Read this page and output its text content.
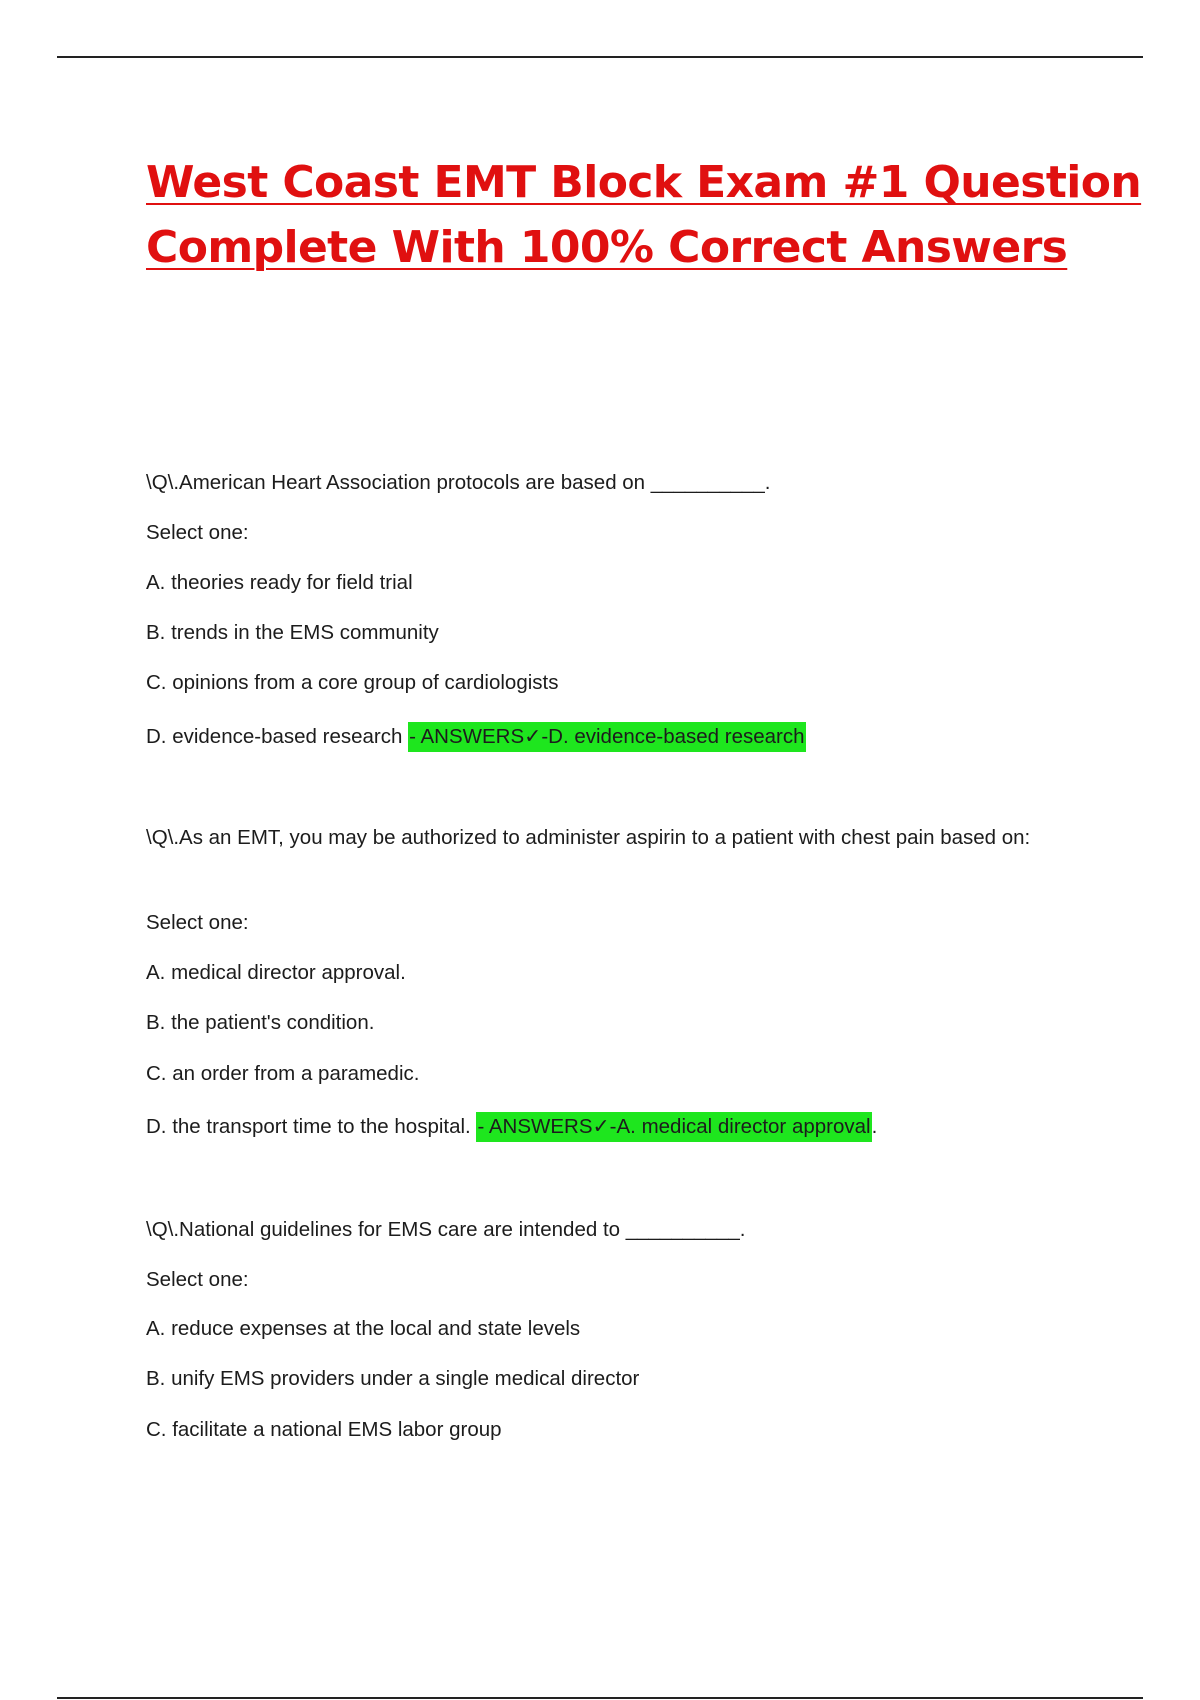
West Coast EMT Block Exam #1 Question
Complete With 100% Correct Answers
\Q\.American Heart Association protocols are based on __________.
Select one:
A. theories ready for field trial
B. trends in the EMS community
C. opinions from a core group of cardiologists
D. evidence-based research - ANSWERS✓-D. evidence-based research
\Q\.As an EMT, you may be authorized to administer aspirin to a patient with chest pain based on:
Select one:
A. medical director approval.
B. the patient's condition.
C. an order from a paramedic.
D. the transport time to the hospital. - ANSWERS✓-A. medical director approval.
\Q\.National guidelines for EMS care are intended to __________.
Select one:
A. reduce expenses at the local and state levels
B. unify EMS providers under a single medical director
C. facilitate a national EMS labor group
